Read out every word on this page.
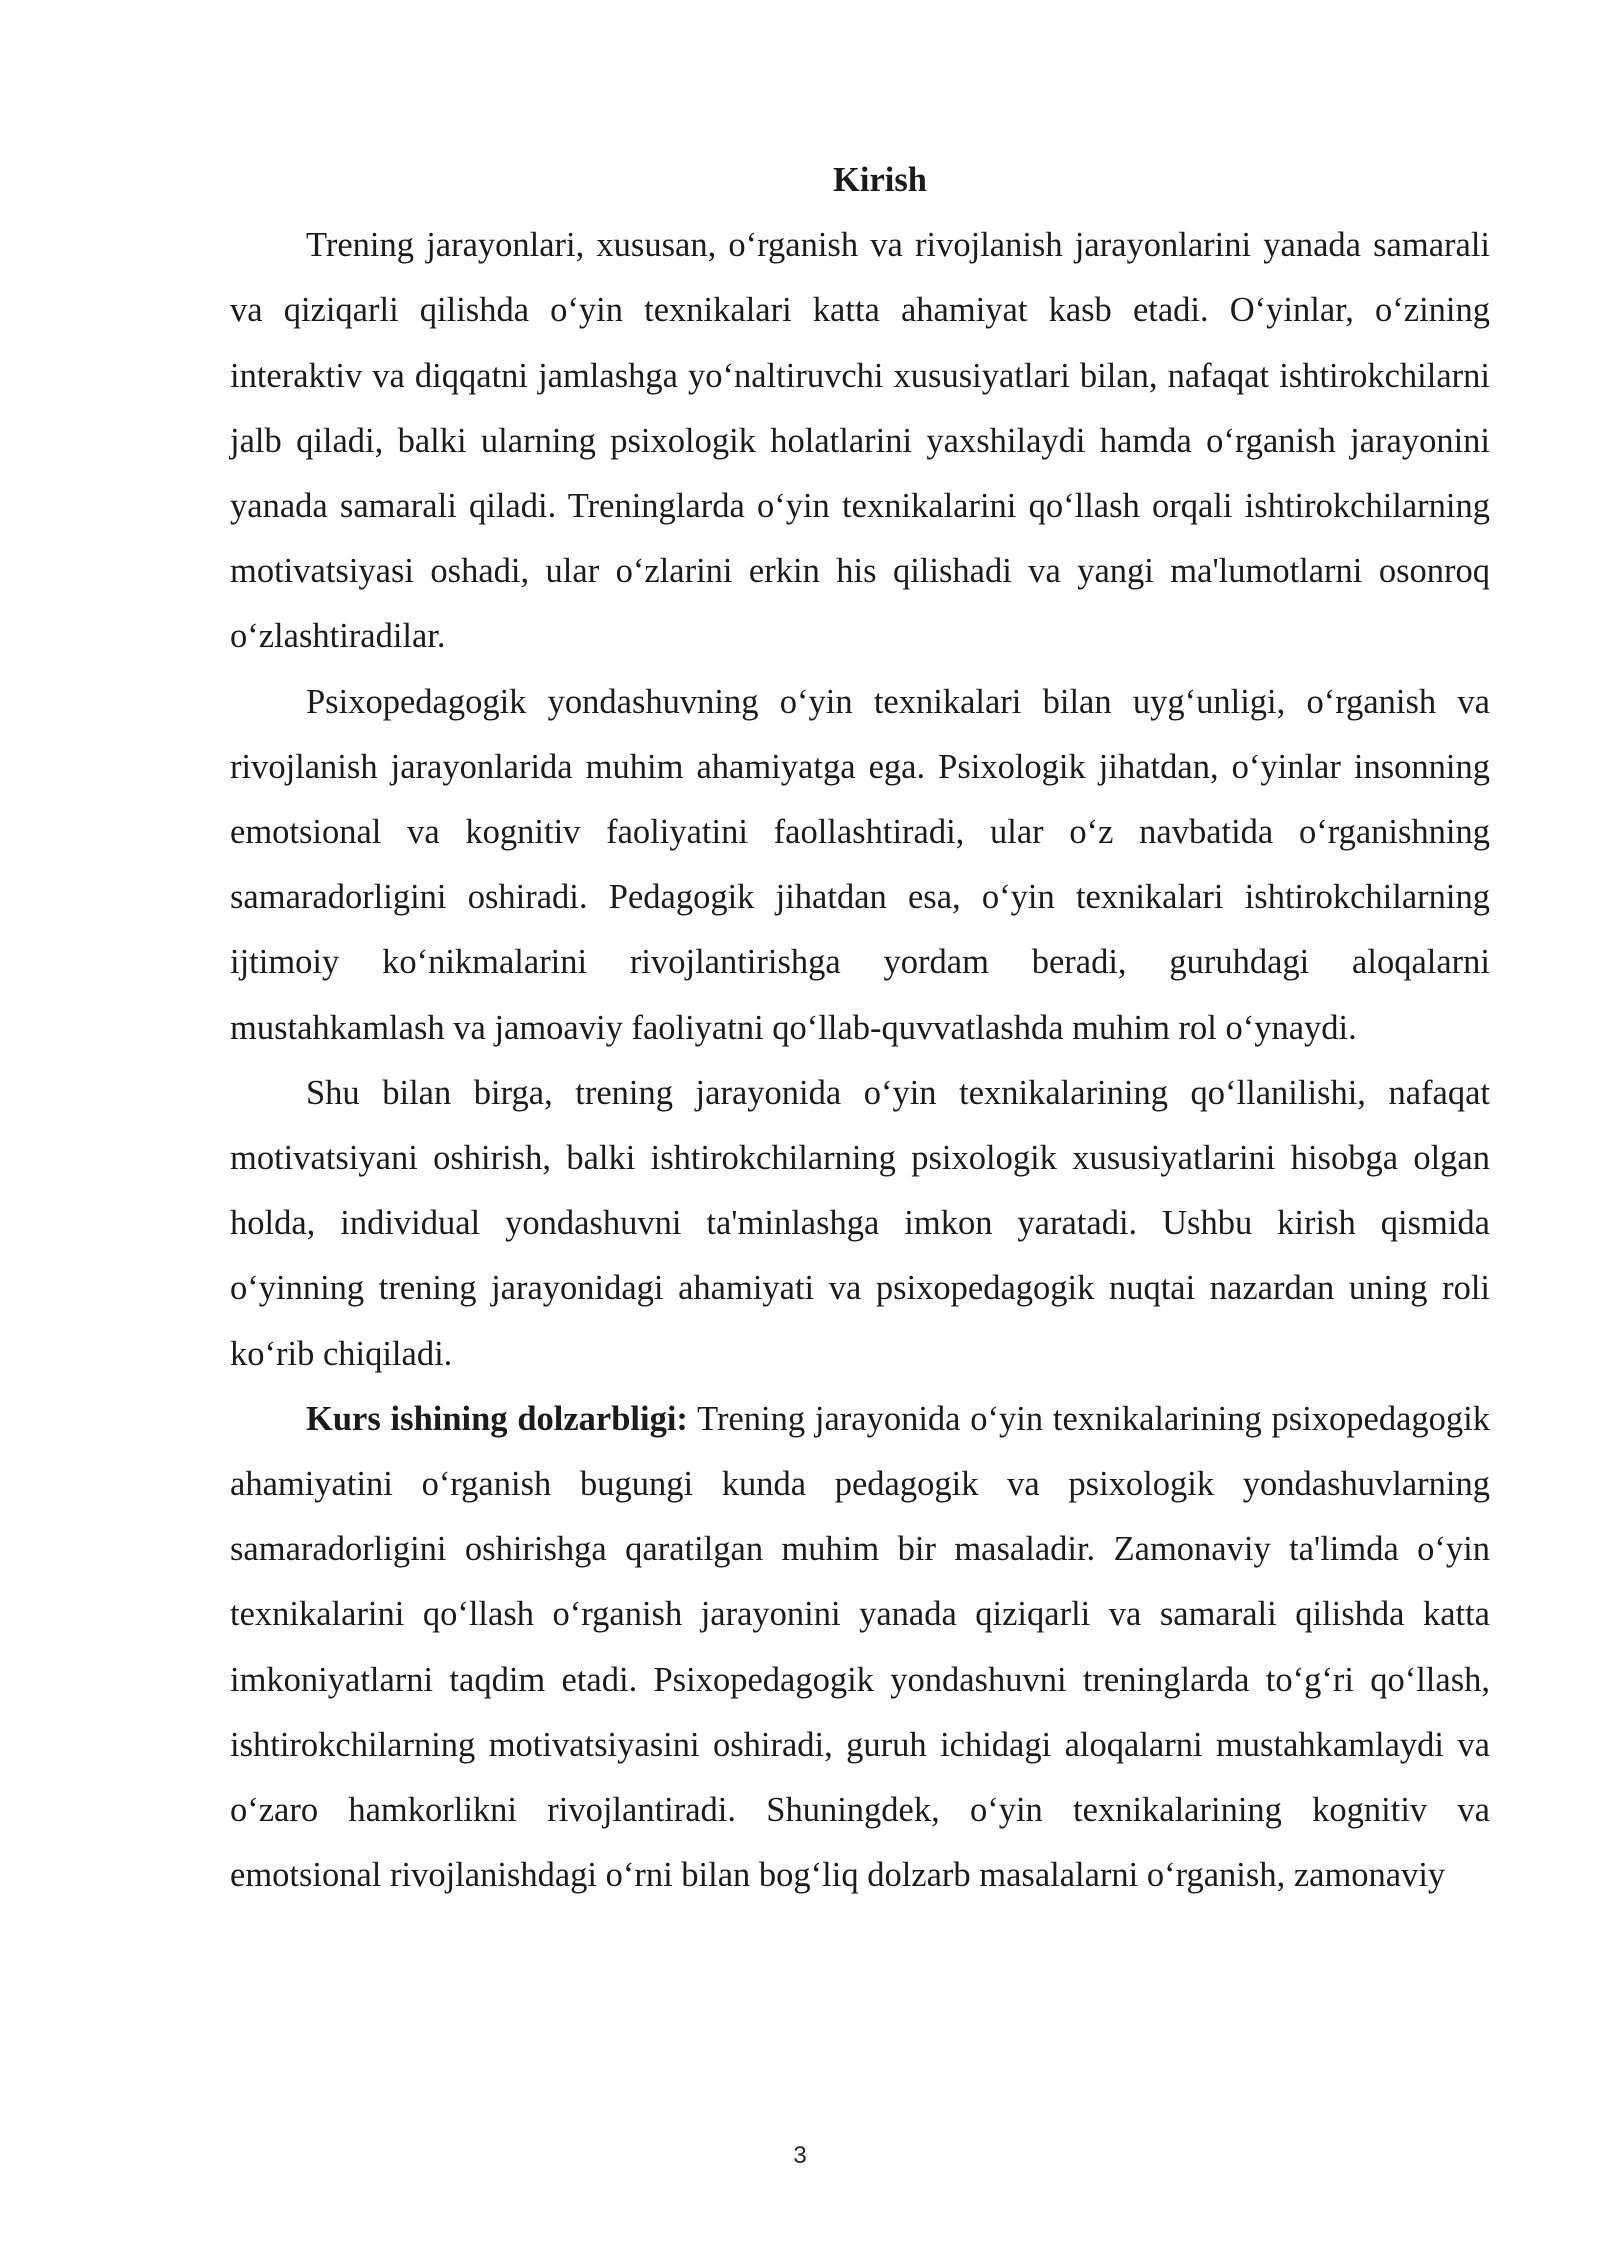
Kirish

Trening jarayonlari, xususan, o‘rganish va rivojlanish jarayonlarini yanada samarali va qiziqarli qilishda o‘yin texnikalari katta ahamiyat kasb etadi. O‘yinlar, o‘zining interaktiv va diqqatni jamlashga yo‘naltiruvchi xususiyatlari bilan, nafaqat ishtirokchilarni jalb qiladi, balki ularning psixologik holatlarini yaxshilaydi hamda o‘rganish jarayonini yanada samarali qiladi. Treninglarda o‘yin texnikalarini qo‘llash orqali ishtirokchilarning motivatsiyasi oshadi, ular o‘zlarini erkin his qilishadi va yangi ma'lumotlarni osonroq o‘zlashtiradilar.

Psixopedagogik yondashuvning o‘yin texnikalari bilan uyg‘unligi, o‘rganish va rivojlanish jarayonlarida muhim ahamiyatga ega. Psixologik jihatdan, o‘yinlar insonning emotsional va kognitiv faoliyatini faollashtiradi, ular o‘z navbatida o‘rganishning samaradorligini oshiradi. Pedagogik jihatdan esa, o‘yin texnikalari ishtirokchilarning ijtimoiy ko‘nikmalarini rivojlantirishga yordam beradi, guruhdagi aloqalarni mustahkamlash va jamoaviy faoliyatni qo‘llab-quvvatlashda muhim rol o‘ynaydi.

Shu bilan birga, trening jarayonida o‘yin texnikalarining qo‘llanilishi, nafaqat motivatsiyani oshirish, balki ishtirokchilarning psixologik xususiyatlarini hisobga olgan holda, individual yondashuvni ta'minlashga imkon yaratadi. Ushbu kirish qismida o‘yinning trening jarayonidagi ahamiyati va psixopedagogik nuqtai nazardan uning roli ko‘rib chiqiladi.

Kurs ishining dolzarbligi: Trening jarayonida o‘yin texnikalarining psixopedagogik ahamiyatini o‘rganish bugungi kunda pedagogik va psixologik yondashuvlarning samaradorligini oshirishga qaratilgan muhim bir masaladir. Zamonaviy ta'limda o‘yin texnikalarini qo‘llash o‘rganish jarayonini yanada qiziqarli va samarali qilishda katta imkoniyatlarni taqdim etadi. Psixopedagogik yondashuvni treninglarda to‘g‘ri qo‘llash, ishtirokchilarning motivatsiyasini oshiradi, guruh ichidagi aloqalarni mustahkamlaydi va o‘zaro hamkorlikni rivojlantiradi. Shuningdek, o‘yin texnikalarining kognitiv va emotsional rivojlanishdagi o‘rni bilan bog‘liq dolzarb masalalarni o‘rganish, zamonaviy

3
